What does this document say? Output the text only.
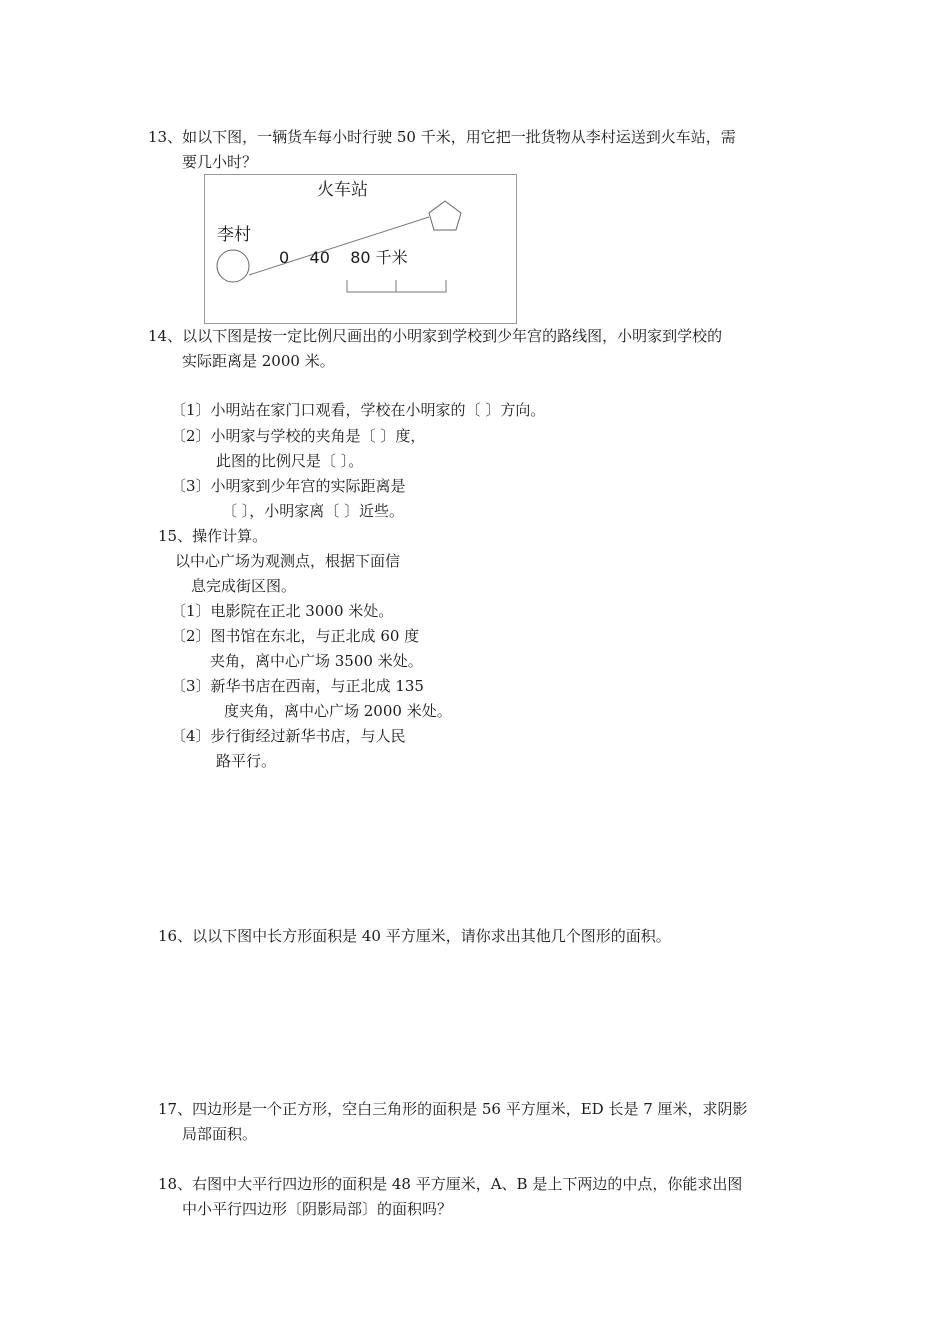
13、如以下图，一辆货车每小时行驶 50 千米，用它把一批货物从李村运送到火车站，需
要几小时？
火车站
李村
0    40    80 千米
14、以以下图是按一定比例尺画出的小明家到学校到少年宫的路线图，小明家到学校的
实际距离是 2000 米。
〔1〕小明站在家门口观看，学校在小明家的〔 〕方向。
〔2〕小明家与学校的夹角是〔 〕度，
此图的比例尺是〔 〕。
〔3〕小明家到少年宫的实际距离是
〔 〕，小明家离〔 〕近些。
15、操作计算。
以中心广场为观测点，根据下面信
息完成街区图。
〔1〕电影院在正北 3000 米处。
〔2〕图书馆在东北，与正北成 60 度
夹角，离中心广场 3500 米处。
〔3〕新华书店在西南，与正北成 135
度夹角，离中心广场 2000 米处。
〔4〕步行街经过新华书店，与人民
路平行。
16、以以下图中长方形面积是 40 平方厘米，请你求出其他几个图形的面积。
17、四边形是一个正方形，空白三角形的面积是 56 平方厘米，ED 长是 7 厘米，求阴影
局部面积。
18、右图中大平行四边形的面积是 48 平方厘米，A、B 是上下两边的中点，你能求出图
中小平行四边形〔阴影局部〕的面积吗？
